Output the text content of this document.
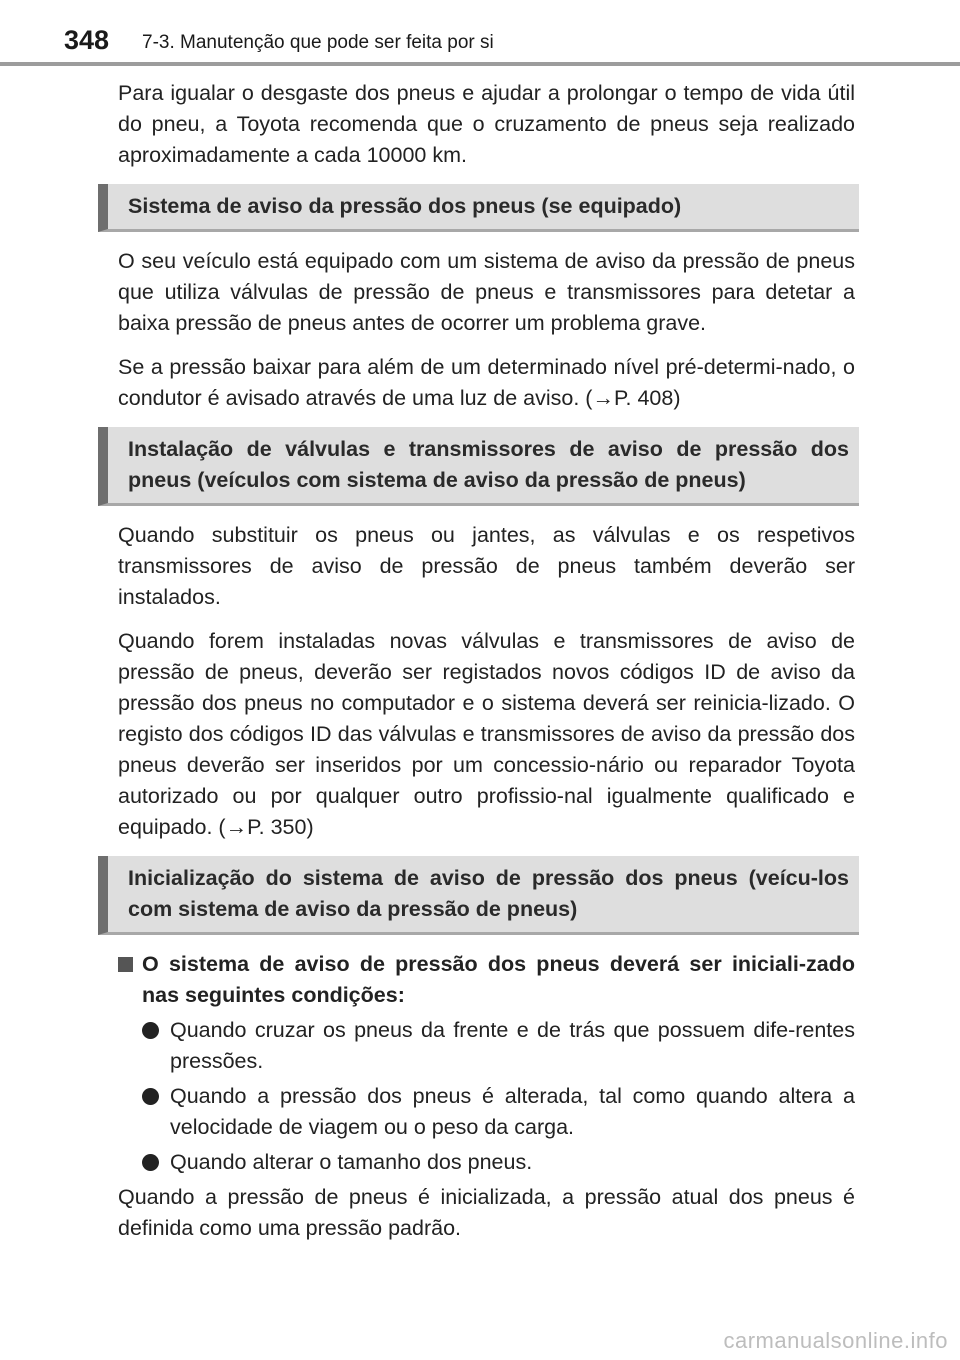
348 7-3. Manutenção que pode ser feita por si

Para igualar o desgaste dos pneus e ajudar a prolongar o tempo de vida útil do pneu, a Toyota recomenda que o cruzamento de pneus seja realizado aproximadamente a cada 10000 km.

Sistema de aviso da pressão dos pneus (se equipado)

O seu veículo está equipado com um sistema de aviso da pressão de pneus que utiliza válvulas de pressão de pneus e transmissores para detetar a baixa pressão de pneus antes de ocorrer um problema grave.

Se a pressão baixar para além de um determinado nível pré-determi-nado, o condutor é avisado através de uma luz de aviso. (→P. 408)

Instalação de válvulas e transmissores de aviso de pressão dos pneus (veículos com sistema de aviso da pressão de pneus)

Quando substituir os pneus ou jantes, as válvulas e os respetivos transmissores de aviso de pressão de pneus também deverão ser instalados.

Quando forem instaladas novas válvulas e transmissores de aviso de pressão de pneus, deverão ser registados novos códigos ID de aviso da pressão dos pneus no computador e o sistema deverá ser reinicia-lizado. O registo dos códigos ID das válvulas e transmissores de aviso da pressão dos pneus deverão ser inseridos por um concessio-nário ou reparador Toyota autorizado ou por qualquer outro profissio-nal igualmente qualificado e equipado. (→P. 350)

Inicialização do sistema de aviso de pressão dos pneus (veícu-los com sistema de aviso da pressão de pneus)
O sistema de aviso de pressão dos pneus deverá ser iniciali-zado nas seguintes condições:
Quando cruzar os pneus da frente e de trás que possuem dife-rentes pressões.
Quando a pressão dos pneus é alterada, tal como quando altera a velocidade de viagem ou o peso da carga.
Quando alterar o tamanho dos pneus.

Quando a pressão de pneus é inicializada, a pressão atual dos pneus é definida como uma pressão padrão.

carmanualsonline.info
